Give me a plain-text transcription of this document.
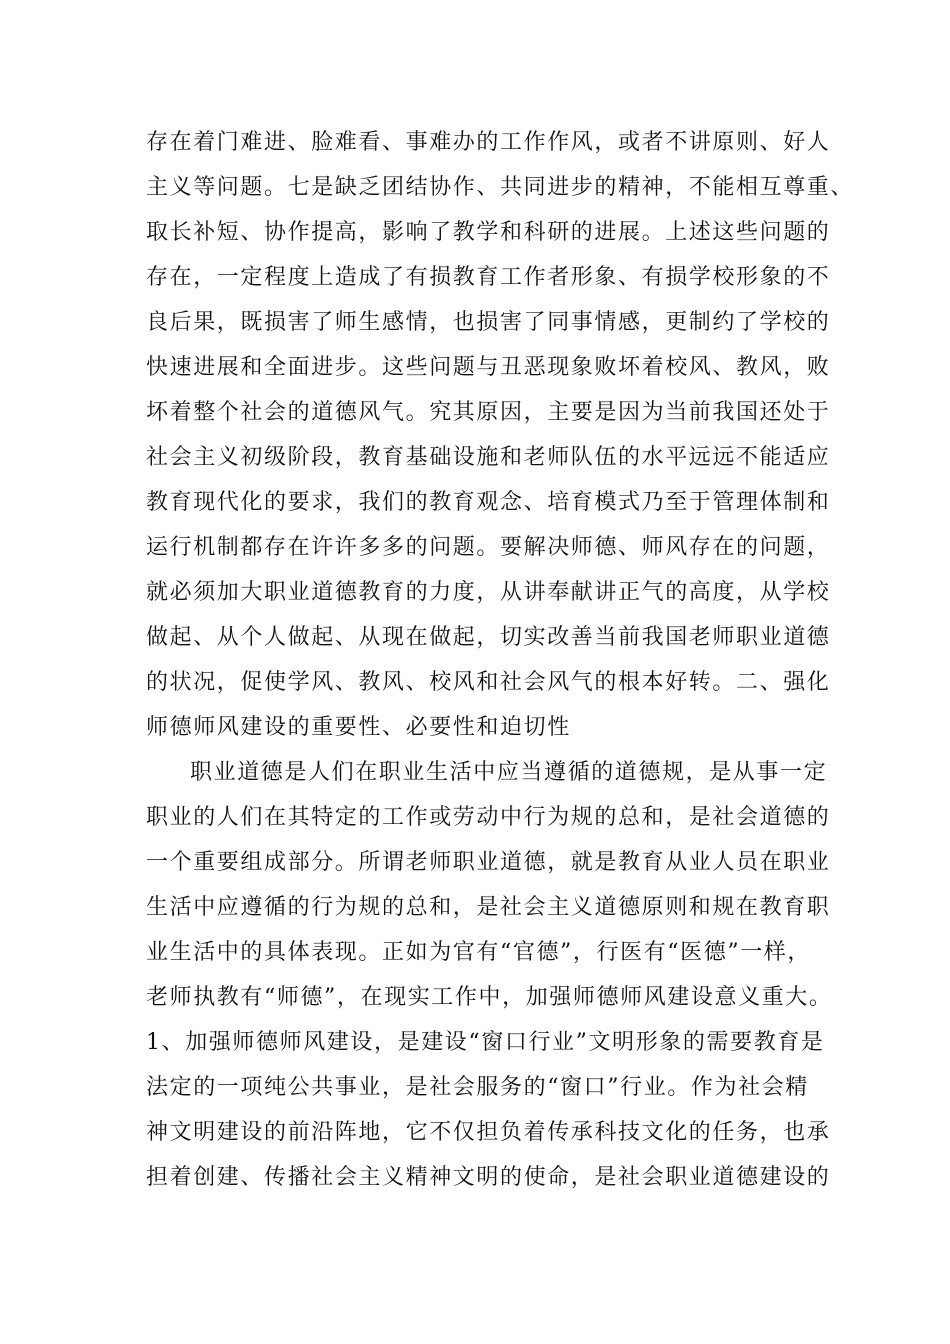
存在着门难进、脸难看、事难办的工作作风，或者不讲原则、好人
主义等问题。七是缺乏团结协作、共同进步的精神，不能相互尊重、
取长补短、协作提高，影响了教学和科研的进展。上述这些问题的
存在，一定程度上造成了有损教育工作者形象、有损学校形象的不
良后果，既损害了师生感情，也损害了同事情感，更制约了学校的
快速进展和全面进步。这些问题与丑恶现象败坏着校风、教风，败
坏着整个社会的道德风气。究其原因，主要是因为当前我国还处于
社会主义初级阶段，教育基础设施和老师队伍的水平远远不能适应
教育现代化的要求，我们的教育观念、培育模式乃至于管理体制和
运行机制都存在许许多多的问题。要解决师德、师风存在的问题，
就必须加大职业道德教育的力度，从讲奉献讲正气的高度，从学校
做起、从个人做起、从现在做起，切实改善当前我国老师职业道德
的状况，促使学风、教风、校风和社会风气的根本好转。二、强化
师德师风建设的重要性、必要性和迫切性
职业道德是人们在职业生活中应当遵循的道德规，是从事一定
职业的人们在其特定的工作或劳动中行为规的总和，是社会道德的
一个重要组成部分。所谓老师职业道德，就是教育从业人员在职业
生活中应遵循的行为规的总和，是社会主义道德原则和规在教育职
业生活中的具体表现。正如为官有“官德”，行医有“医德”一样，
老师执教有“师德”，在现实工作中，加强师德师风建设意义重大。
1、加强师德师风建设，是建设“窗口行业”文明形象的需要教育是
法定的一项纯公共事业，是社会服务的“窗口”行业。作为社会精
神文明建设的前沿阵地，它不仅担负着传承科技文化的任务，也承
担着创建、传播社会主义精神文明的使命，是社会职业道德建设的
